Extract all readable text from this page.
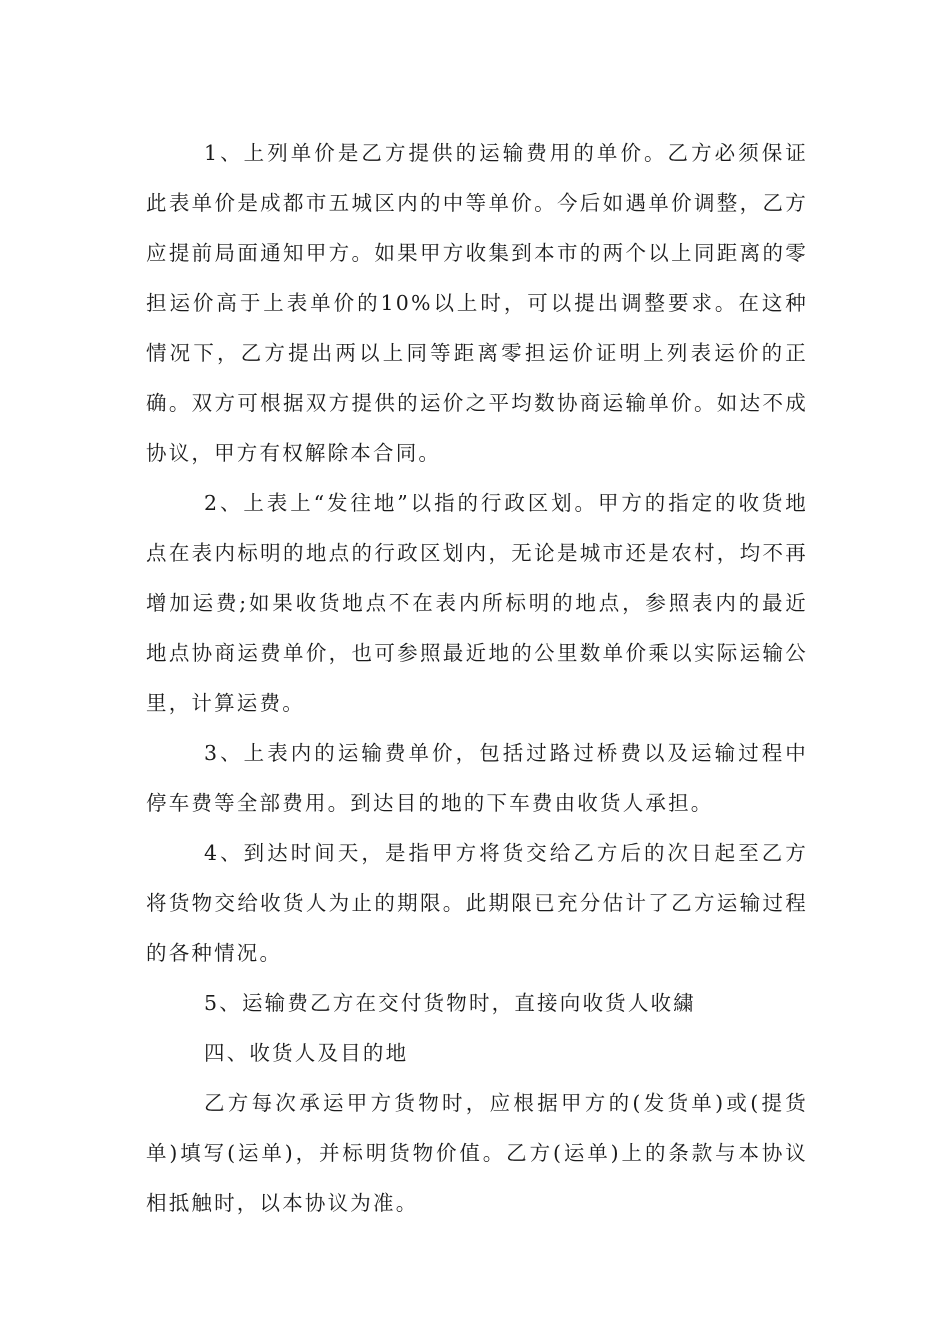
1、上列单价是乙方提供的运输费用的单价。乙方必须保证此表单价是成都市五城区内的中等单价。今后如遇单价调整，乙方应提前局面通知甲方。如果甲方收集到本市的两个以上同距离的零担运价高于上表单价的10%以上时，可以提出调整要求。在这种情况下，乙方提出两以上同等距离零担运价证明上列表运价的正确。双方可根据双方提供的运价之平均数协商运输单价。如达不成协议，甲方有权解除本合同。

2、上表上“发往地”以指的行政区划。甲方的指定的收货地点在表内标明的地点的行政区划内，无论是城市还是农村，均不再增加运费;如果收货地点不在表内所标明的地点，参照表内的最近地点协商运费单价，也可参照最近地的公里数单价乘以实际运输公里，计算运费。

3、上表内的运输费单价，包括过路过桥费以及运输过程中停车费等全部费用。到达目的地的下车费由收货人承担。

4、到达时间天，是指甲方将货交给乙方后的次日起至乙方将货物交给收货人为止的期限。此期限已充分估计了乙方运输过程的各种情况。

5、运输费乙方在交付货物时，直接向收货人收繍

四、收货人及目的地

乙方每次承运甲方货物时，应根据甲方的(发货单)或(提货单)填写(运单)，并标明货物价值。乙方(运单)上的条款与本协议相抵触时，以本协议为准。
